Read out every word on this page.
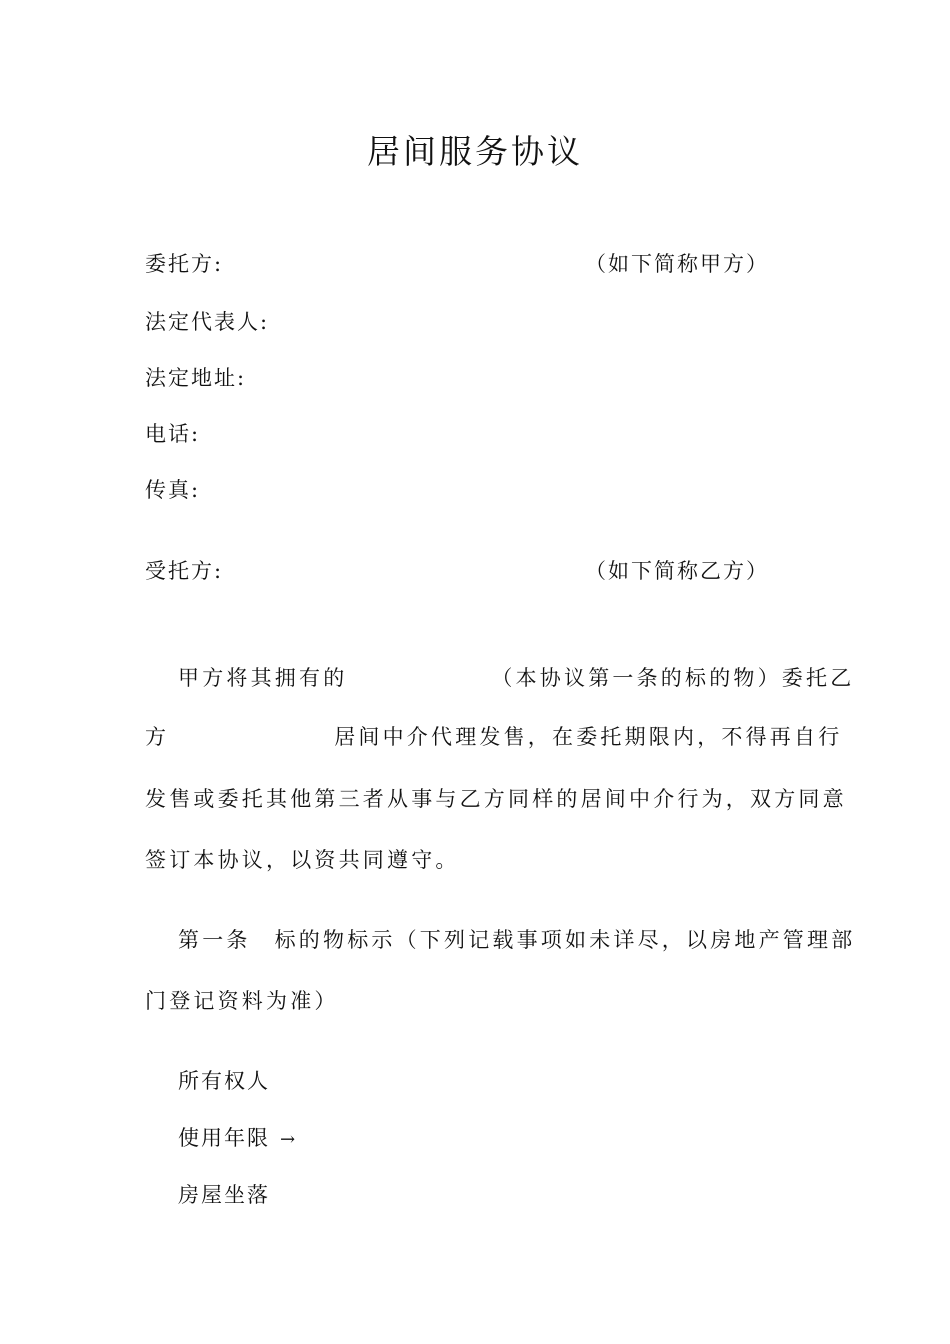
居间服务协议
委托方:	（如下简称甲方）
法定代表人:
法定地址:
电话:
传真:
受托方:	（如下简称乙方）
甲方将其拥有的	（本协议第一条的标的物）委托乙
方	居间中介代理发售，在委托期限内，不得再自行
发售或委托其他第三者从事与乙方同样的居间中介行为，双方同意
签订本协议，以资共同遵守。
第一条 标的物标示（下列记载事项如未详尽，以房地产管理部
门登记资料为准）
所有权人
使用年限 →
房屋坐落
